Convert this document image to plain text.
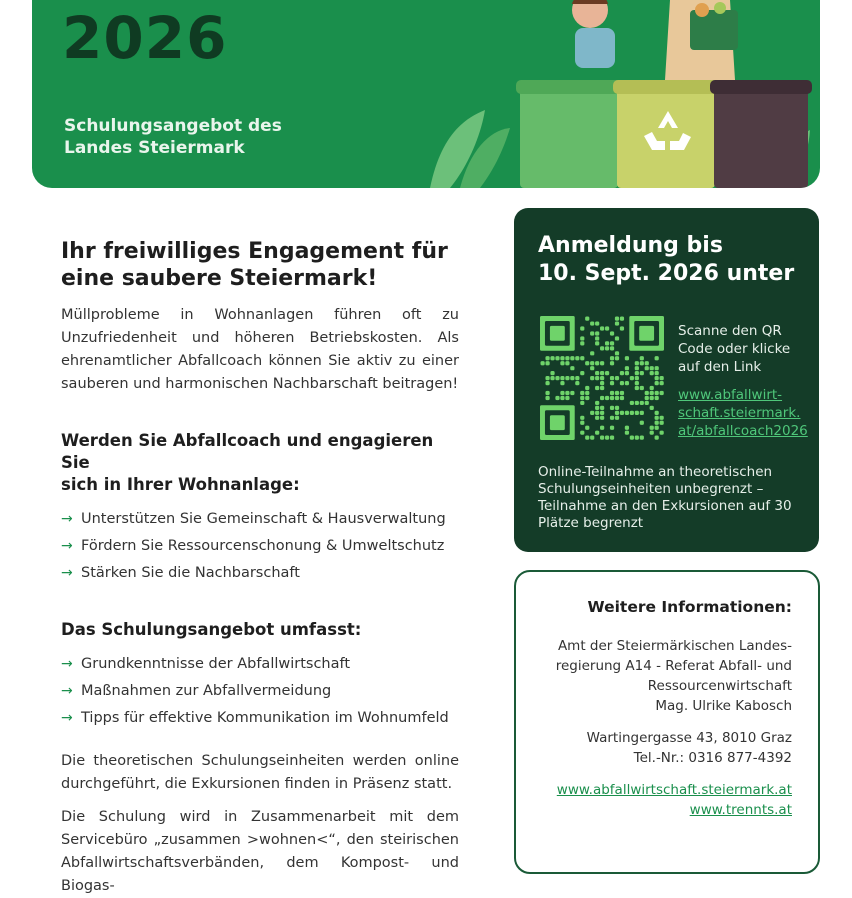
2026
Schulungsangebot des
Landes Steiermark
Ihr freiwilliges Engagement für
eine saubere Steiermark!

Müllprobleme in Wohnanlagen führen oft zu Unzufriedenheit und höheren Betriebskosten. Als ehrenamtlicher Abfallcoach können Sie aktiv zu einer sauberen und harmonischen Nachbarschaft beitragen!

Werden Sie Abfallcoach und engagieren Sie
sich in Ihrer Wohnanlage:
→ Unterstützen Sie Gemeinschaft & Hausverwaltung
→ Fördern Sie Ressourcenschonung & Umweltschutz
→ Stärken Sie die Nachbarschaft
Das Schulungsangebot umfasst:
→ Grundkenntnisse der Abfallwirtschaft
→ Maßnahmen zur Abfallvermeidung
→ Tipps für effektive Kommunikation im Wohnumfeld

Die theoretischen Schulungseinheiten werden online durchgeführt, die Exkursionen finden in Präsenz statt.

Die Schulung wird in Zusammenarbeit mit dem Servicebüro „zusammen >wohnen<“, den steirischen Abfallwirtschaftsverbänden, dem Kompost- und Biogas-

Anmeldung bis
10. Sept. 2026 unter
Scanne den QR Code oder klicke auf den Link
www.abfallwirt-
schaft.steiermark.
at/abfallcoach2026
Online-Teilnahme an theoretischen Schulungseinheiten unbegrenzt – Teilnahme an den Exkursionen auf 30 Plätze begrenzt
Weitere Informationen:
Amt der Steiermärkischen Landes-
regierung A14 - Referat Abfall- und
Ressourcenwirtschaft
Mag. Ulrike Kabosch
Wartingergasse 43, 8010 Graz
Tel.-Nr.: 0316 877-4392
www.abfallwirtschaft.steiermark.at
www.trennts.at
